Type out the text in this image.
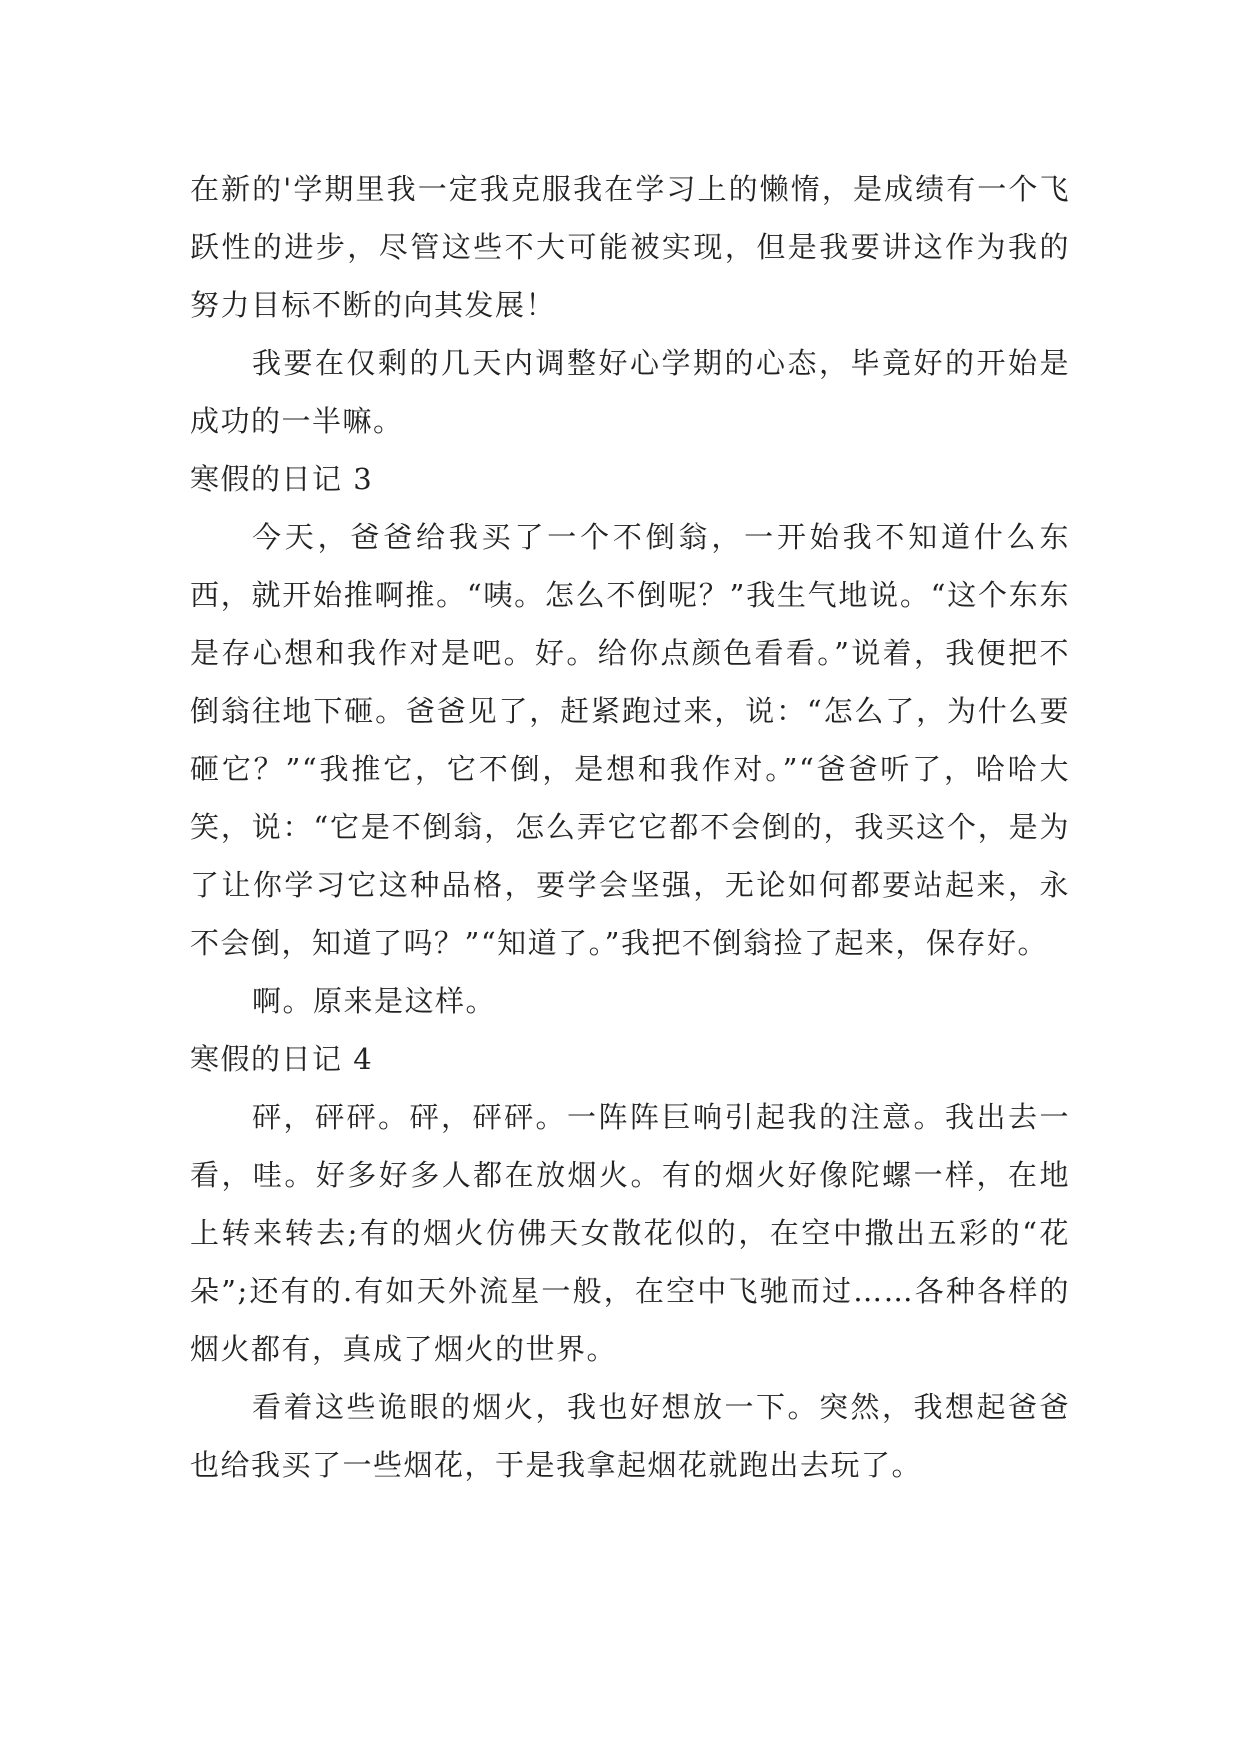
在新的'学期里我一定我克服我在学习上的懒惰，是成绩有一个飞跃性的进步，尽管这些不大可能被实现，但是我要讲这作为我的努力目标不断的向其发展！

我要在仅剩的几天内调整好心学期的心态，毕竟好的开始是成功的一半嘛。

寒假的日记 3

今天，爸爸给我买了一个不倒翁，一开始我不知道什么东西，就开始推啊推。“咦。怎么不倒呢？”我生气地说。“这个东东是存心想和我作对是吧。好。给你点颜色看看。”说着，我便把不倒翁往地下砸。爸爸见了，赶紧跑过来，说：“怎么了，为什么要砸它？”“我推它，它不倒，是想和我作对。”“爸爸听了，哈哈大笑，说：“它是不倒翁，怎么弄它它都不会倒的，我买这个，是为了让你学习它这种品格，要学会坚强，无论如何都要站起来，永不会倒，知道了吗？”“知道了。”我把不倒翁捡了起来，保存好。

啊。原来是这样。

寒假的日记 4

砰，砰砰。砰，砰砰。一阵阵巨响引起我的注意。我出去一看，哇。好多好多人都在放烟火。有的烟火好像陀螺一样，在地上转来转去;有的烟火仿佛天女散花似的，在空中撒出五彩的“花朵”;还有的.有如天外流星一般，在空中飞驰而过……各种各样的烟火都有，真成了烟火的世界。

看着这些诡眼的烟火，我也好想放一下。突然，我想起爸爸也给我买了一些烟花，于是我拿起烟花就跑出去玩了。
